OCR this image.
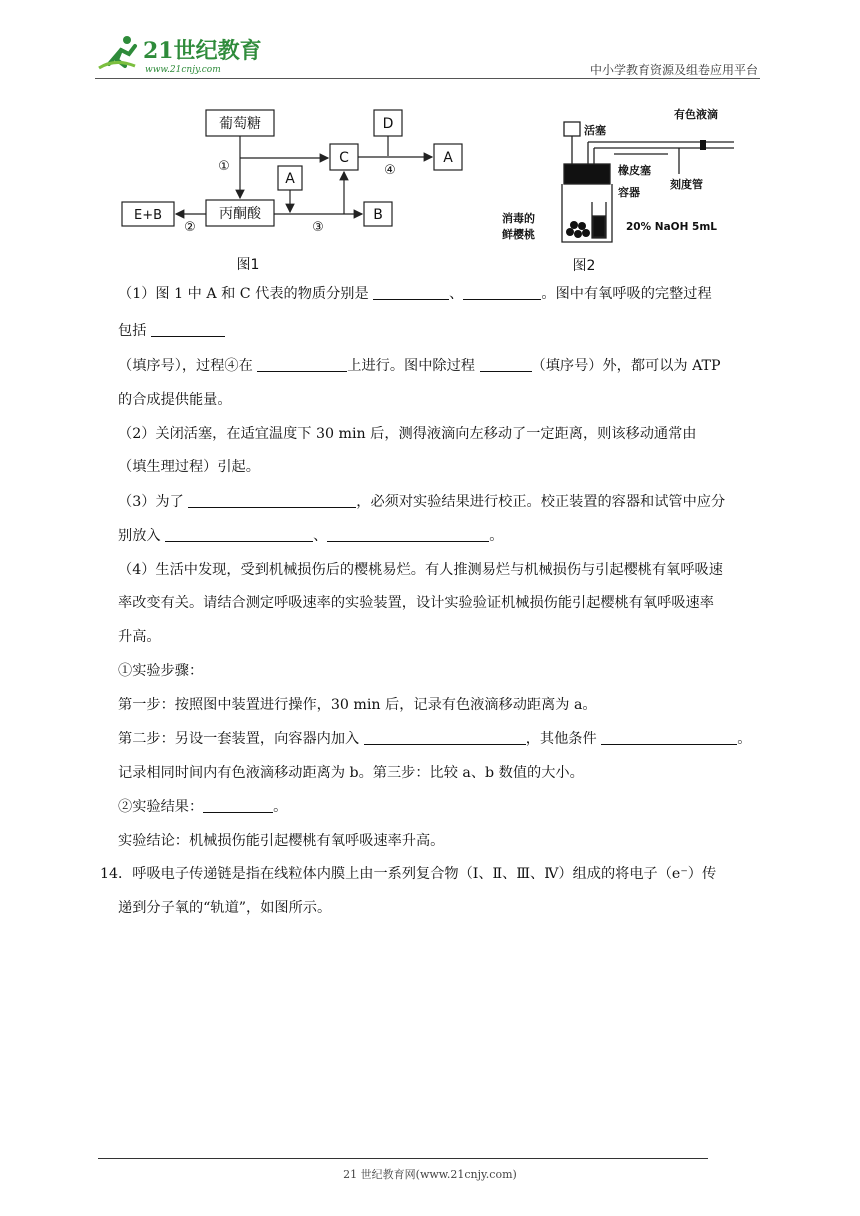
21世纪教育
www.21cnjy.com	中小学教育资源及组卷应用平台
葡萄糖
丙酮酸
E+B
A
C
D
A
B
①
②	③
④
图1
活塞
有色液滴
橡皮塞
刻度管
容器
消毒的
鲜樱桃
20% NaOH 5mL
图2
（1）图 1 中 A 和 C 代表的物质分别是	、	。图中有氧呼吸的完整过程
包括
（填序号），过程④在	上进行。图中除过程	（填序号）外，都可以为 ATP
的合成提供能量。
（2）关闭活塞，在适宜温度下 30 min 后，测得液滴向左移动了一定距离，则该移动通常由
（填生理过程）引起。
（3）为了	，必须对实验结果进行校正。校正装置的容器和试管中应分
别放入	、	。
（4）生活中发现，受到机械损伤后的樱桃易烂。有人推测易烂与机械损伤与引起樱桃有氧呼吸速
率改变有关。请结合测定呼吸速率的实验装置，设计实验验证机械损伤能引起樱桃有氧呼吸速率
升高。
①实验步骤：
第一步：按照图中装置进行操作，30 min 后，记录有色液滴移动距离为 a。
第二步：另设一套装置，向容器内加入	，其他条件	。
记录相同时间内有色液滴移动距离为 b。第三步：比较 a、b 数值的大小。
②实验结果：	。
实验结论：机械损伤能引起樱桃有氧呼吸速率升高。
14．呼吸电子传递链是指在线粒体内膜上由一系列复合物（Ⅰ、Ⅱ、Ⅲ、Ⅳ）组成的将电子（e⁻）传
递到分子氧的“轨道”，如图所示。
21 世纪教育网(www.21cnjy.com)
